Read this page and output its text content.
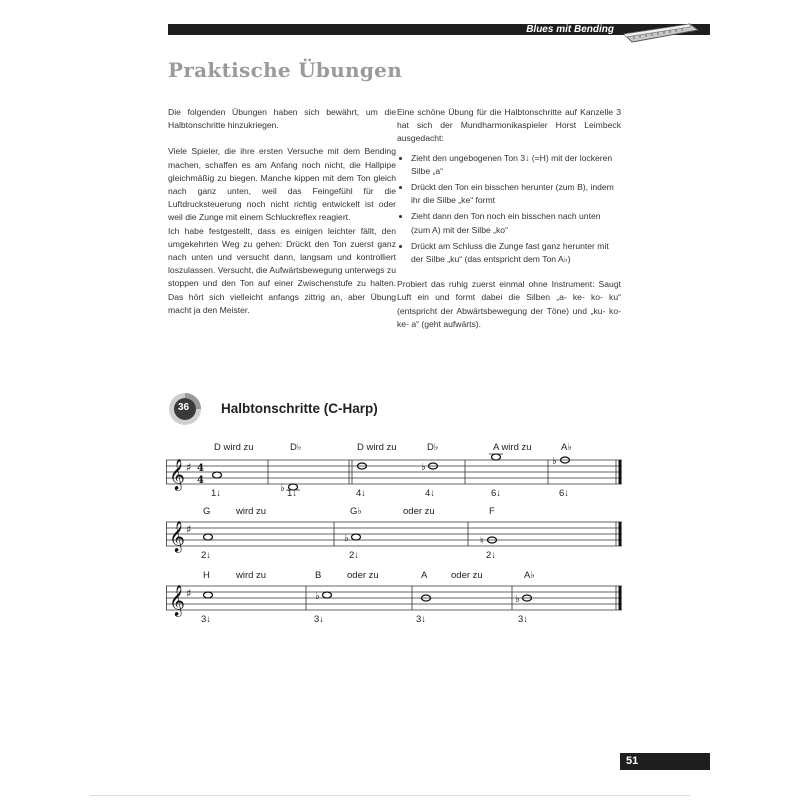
Blues mit Bending
Praktische Übungen

Die folgenden Übungen haben sich bewährt, um die Halbtonschritte hinzukriegen.

Viele Spieler, die ihre ersten Versuche mit dem Bending machen, schaffen es am Anfang noch nicht, die Hallpipe gleichmäßig zu biegen. Manche kippen mit dem Ton gleich nach ganz unten, weil das Feingefühl für die Luftdrucksteuerung noch nicht richtig entwickelt ist oder weil die Zunge mit einem Schluckreflex reagiert.

Ich habe festgestellt, dass es einigen leichter fällt, den umgekehrten Weg zu gehen: Drückt den Ton zuerst ganz nach unten und versucht dann, langsam und kontrolliert loszulassen. Versucht, die Aufwärtsbewegung unterwegs zu stoppen und den Ton auf einer Zwischenstufe zu halten. Das hört sich vielleicht anfangs zittrig an, aber Übung macht ja den Meister.

Eine schöne Übung für die Halbtonschritte auf Kanzelle 3 hat sich der Mundharmonikaspieler Horst Leimbeck ausgedacht:

• Zieht den ungebogenen Ton 3↓ (=H) mit der lockeren Silbe „a“
• Drückt den Ton ein bisschen herunter (zum B), indem ihr die Silbe „ke“ formt
• Zieht dann den Ton noch ein bisschen nach unten (zum A) mit der Silbe „ko“
• Drückt am Schluss die Zunge fast ganz herunter mit der Silbe „ku“ (das entspricht dem Ton A♭)

Probiert das ruhig zuerst einmal ohne Instrument: Saugt Luft ein und formt dabei die Silben „a- ke- ko- ku“ (entspricht der Abwärtsbewegung der Töne) und „ku- ko- ke- a“ (geht aufwärts).

36 Halbtonschritte (C-Harp)
𝄞 ♯ 4
4
♭
♭
♭
D wird zu	D♭	D wird zu	D♭	A wird zu	A♭
1↓	1↓	4↓	4↓	6↓	6↓
𝄞 ♯
♭	♮
G	wird zu	G♭	oder zu	F
2↓	2↓	2↓
𝄞 ♯	♭	♭
H	wird zu	B	oder zu	A oder zu	A♭
3↓	3↓	3↓	3↓
51
